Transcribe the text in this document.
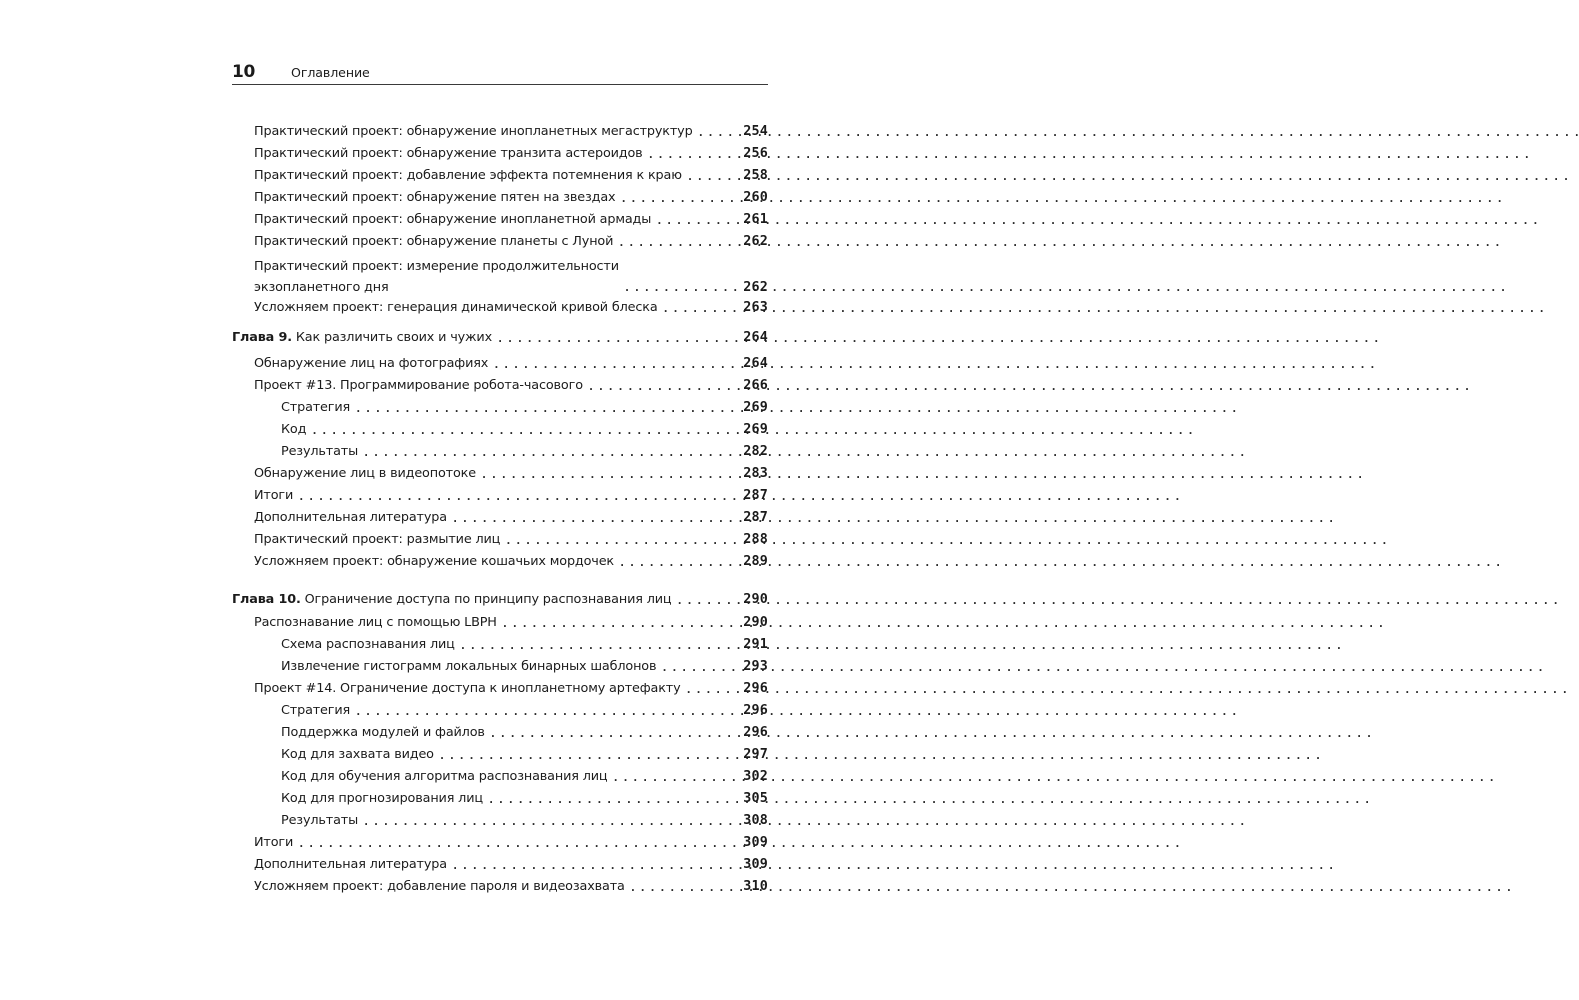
10	Оглавление
Практический проект: обнаружение инопланетных мегаструктур . . .	254
Практический проект: обнаружение транзита астероидов . . .	256
Практический проект: добавление эффекта потемнения к краю . . .	258
Практический проект: обнаружение пятен на звездах . . .	260
Практический проект: обнаружение инопланетной армады . . .	261
Практический проект: обнаружение планеты с Луной . . .	262
Практический проект: измерение продолжительности
экзопланетного дня . . .	262
Усложняем проект: генерация динамической кривой блеска . . .	263
Глава 9. Как различить своих и чужих . . .	264
Обнаружение лиц на фотографиях . . .	264
Проект #13. Программирование робота-часового . . .	266
Стратегия . . .	269
Код . . .	269
Результаты . . .	282
Обнаружение лиц в видеопотоке . . .	283
Итоги . . .	287
Дополнительная литература . . .	287
Практический проект: размытие лиц . . .	288
Усложняем проект: обнаружение кошачьих мордочек . . .	289
Глава 10. Ограничение доступа по принципу распознавания лиц . . .	290
Распознавание лиц с помощью LBPH . . .	290
Схема распознавания лиц . . .	291
Извлечение гистограмм локальных бинарных шаблонов . . .	293
Проект #14. Ограничение доступа к инопланетному артефакту . . .	296
Стратегия . . .	296
Поддержка модулей и файлов . . .	296
Код для захвата видео . . .	297
Код для обучения алгоритма распознавания лиц . . .	302
Код для прогнозирования лиц . . .	305
Результаты . . .	308
Итоги . . .	309
Дополнительная литература . . .	309
Усложняем проект: добавление пароля и видеозахвата . . .	310
